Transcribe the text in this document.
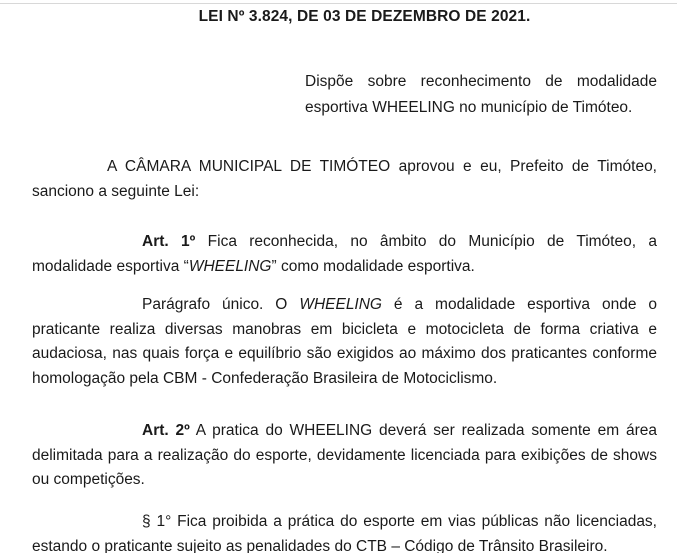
LEI Nº 3.824, DE 03 DE DEZEMBRO DE 2021.
Dispõe sobre reconhecimento de modalidade
esportiva WHEELING no município de Timóteo.
A CÂMARA MUNICIPAL DE TIMÓTEO aprovou e eu, Prefeito de Timóteo,
sanciono a seguinte Lei:
Art. 1º Fica reconhecida, no âmbito do Município de Timóteo, a
modalidade esportiva “WHEELING” como modalidade esportiva.
Parágrafo único. O WHEELING é a modalidade esportiva onde o
praticante realiza diversas manobras em bicicleta e motocicleta de forma criativa e
audaciosa, nas quais força e equilíbrio são exigidos ao máximo dos praticantes conforme
homologação pela CBM - Confederação Brasileira de Motociclismo.
Art. 2º A pratica do WHEELING deverá ser realizada somente em área
delimitada para a realização do esporte, devidamente licenciada para exibições de shows
ou competições.
§ 1° Fica proibida a prática do esporte em vias públicas não licenciadas,
estando o praticante sujeito as penalidades do CTB – Código de Trânsito Brasileiro.
